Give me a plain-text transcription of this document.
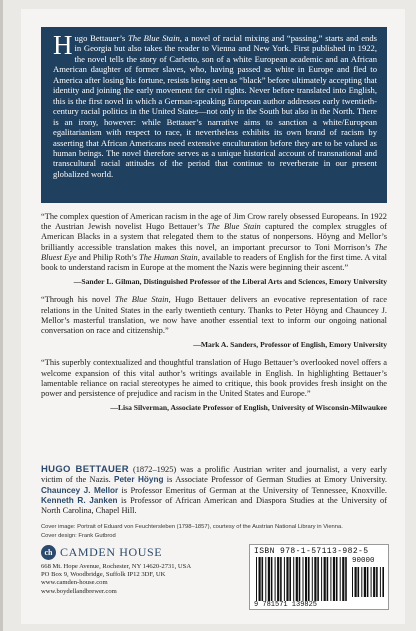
Hugo Bettauer’s The Blue Stain, a novel of racial mixing and “passing,” starts and ends in Georgia but also takes the reader to Vienna and New York. First published in 1922, the novel tells the story of Carletto, son of a white European academic and an African American daughter of former slaves, who, having passed as white in Europe and fled to America after losing his fortune, resists being seen as “black” before ultimately accepting that identity and joining the early movement for civil rights. Never before translated into English, this is the first novel in which a German-speaking European author addresses early twentieth-century racial politics in the United States—not only in the South but also in the North. There is an irony, however: while Bettauer’s narrative aims to sanction a white/European egalitarianism with respect to race, it nevertheless exhibits its own brand of racism by asserting that African Americans need extensive enculturation before they are to be valued as human beings. The novel therefore serves as a unique historical account of transnational and transcultural racial attitudes of the period that continue to reverberate in our present globalized world.
“The complex question of American racism in the age of Jim Crow rarely obsessed Europeans. In 1922 the Austrian Jewish novelist Hugo Bettauer’s The Blue Stain captured the complex struggles of American Blacks in a system that relegated them to the status of nonpersons. Höyng and Mellor’s brilliantly accessible translation makes this novel, an important precursor to Toni Morrison’s The Bluest Eye and Philip Roth’s The Human Stain, available to readers of English for the first time. A vital book to understand racism in Europe at the moment the Nazis were beginning their ascent.”
—Sander L. Gilman, Distinguished Professor of the Liberal Arts and Sciences, Emory University
“Through his novel The Blue Stain, Hugo Bettauer delivers an evocative representation of race relations in the United States in the early twentieth century. Thanks to Peter Höyng and Chauncey J. Mellor’s masterful translation, we now have another essential text to inform our ongoing national conversation on race and citizenship.”
—Mark A. Sanders, Professor of English, Emory University
“This superbly contextualized and thoughtful translation of Hugo Bettauer’s overlooked novel offers a welcome expansion of this vital author’s writings available in English. In highlighting Bettauer’s lamentable reliance on racial stereotypes he aimed to critique, this book provides fresh insight on the power and persistence of prejudice and racism in the United States and Europe.”
—Lisa Silverman, Associate Professor of English, University of Wisconsin-Milwaukee
HUGO BETTAUER (1872–1925) was a prolific Austrian writer and journalist, a very early victim of the Nazis. Peter Höyng is Associate Professor of German Studies at Emory University. Chauncey J. Mellor is Professor Emeritus of German at the University of Tennessee, Knoxville. Kenneth R. Janken is Professor of African American and Diaspora Studies at the University of North Carolina, Chapel Hill.
Cover image: Portrait of Eduard von Feuchtersleben (1798–1857), courtesy of the Austrian National Library in Vienna.
Cover design: Frank Gutbrod
ch CAMDEN HOUSE
668 Mt. Hope Avenue, Rochester, NY 14620-2731, USA
PO Box 9, Woodbridge, Suffolk IP12 3DF, UK
www.camden-house.com
www.boydellandbrewer.com
ISBN 978-1-57113-982-5
90000
9 781571 139825
